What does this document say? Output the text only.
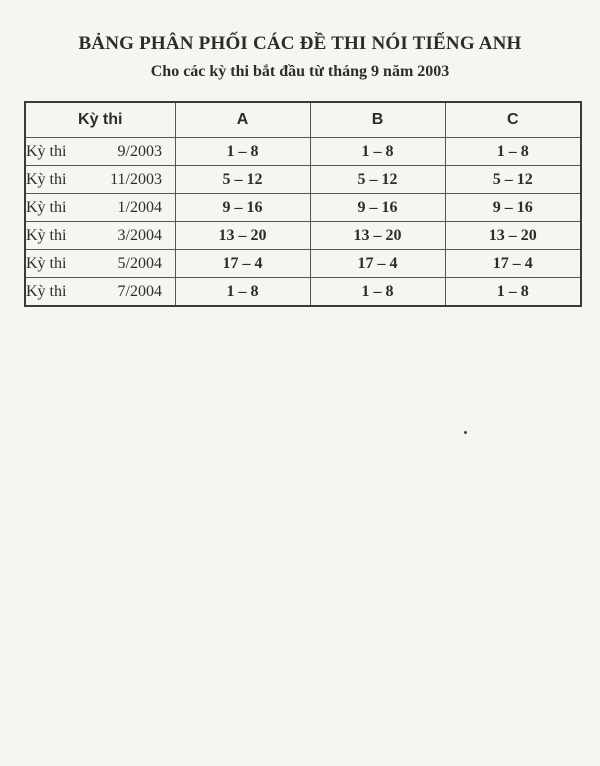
BẢNG PHÂN PHỐI CÁC ĐỀ THI NÓI TIẾNG ANH
Cho các kỳ thi bắt đầu từ tháng 9 năm 2003
Kỳ thi	A	B	C
Kỳ thi 9/2003	1 – 8	1 – 8	1 – 8
Kỳ thi 11/2003	5 – 12	5 – 12	5 – 12
Kỳ thi 1/2004	9 – 16	9 – 16	9 – 16
Kỳ thi 3/2004	13 – 20	13 – 20	13 – 20
Kỳ thi 5/2004	17 – 4	17 – 4	17 – 4
Kỳ thi 7/2004	1 – 8	1 – 8	1 – 8
